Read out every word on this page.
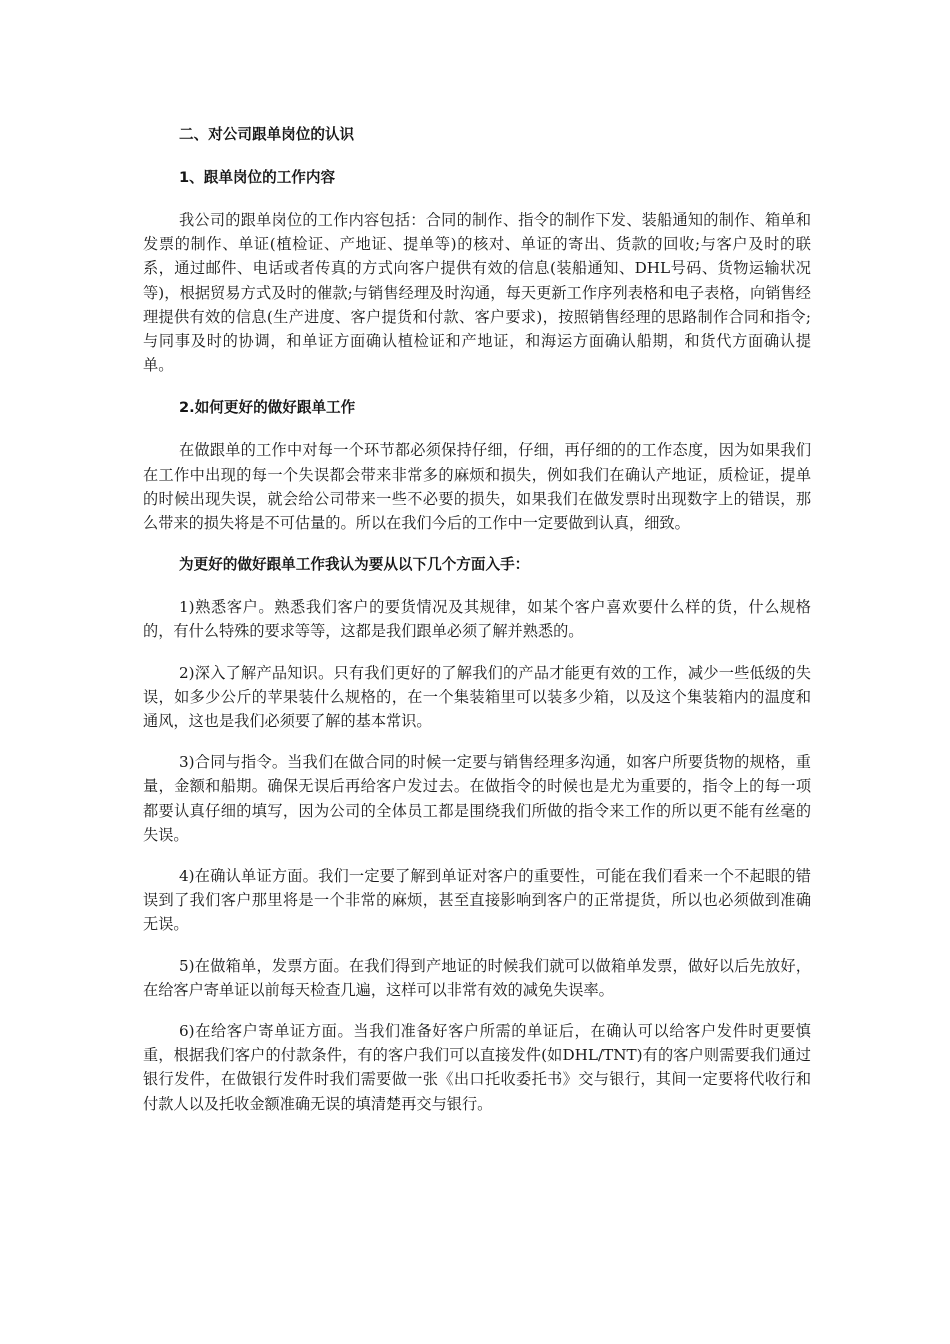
二、对公司跟单岗位的认识

1、跟单岗位的工作内容

我公司的跟单岗位的工作内容包括：合同的制作、指令的制作下发、装船通知的制作、箱单和发票的制作、单证(植检证、产地证、提单等)的核对、单证的寄出、货款的回收;与客户及时的联系，通过邮件、电话或者传真的方式向客户提供有效的信息(装船通知、DHL号码、货物运输状况等)，根据贸易方式及时的催款;与销售经理及时沟通，每天更新工作序列表格和电子表格，向销售经理提供有效的信息(生产进度、客户提货和付款、客户要求)，按照销售经理的思路制作合同和指令;与同事及时的协调，和单证方面确认植检证和产地证，和海运方面确认船期，和货代方面确认提单。

2.如何更好的做好跟单工作

在做跟单的工作中对每一个环节都必须保持仔细，仔细，再仔细的的工作态度，因为如果我们在工作中出现的每一个失误都会带来非常多的麻烦和损失，例如我们在确认产地证，质检证，提单的时候出现失误，就会给公司带来一些不必要的损失，如果我们在做发票时出现数字上的错误，那么带来的损失将是不可估量的。所以在我们今后的工作中一定要做到认真，细致。

为更好的做好跟单工作我认为要从以下几个方面入手：

1)熟悉客户。熟悉我们客户的要货情况及其规律，如某个客户喜欢要什么样的货，什么规格的，有什么特殊的要求等等，这都是我们跟单必须了解并熟悉的。

2)深入了解产品知识。只有我们更好的了解我们的产品才能更有效的工作，减少一些低级的失误，如多少公斤的苹果装什么规格的，在一个集装箱里可以装多少箱，以及这个集装箱内的温度和通风，这也是我们必须要了解的基本常识。

3)合同与指令。当我们在做合同的时候一定要与销售经理多沟通，如客户所要货物的规格，重量，金额和船期。确保无误后再给客户发过去。在做指令的时候也是尤为重要的，指令上的每一项都要认真仔细的填写，因为公司的全体员工都是围绕我们所做的指令来工作的所以更不能有丝毫的失误。

4)在确认单证方面。我们一定要了解到单证对客户的重要性，可能在我们看来一个不起眼的错误到了我们客户那里将是一个非常的麻烦，甚至直接影响到客户的正常提货，所以也必须做到准确无误。

5)在做箱单，发票方面。在我们得到产地证的时候我们就可以做箱单发票，做好以后先放好，在给客户寄单证以前每天检查几遍，这样可以非常有效的减免失误率。

6)在给客户寄单证方面。当我们准备好客户所需的单证后，在确认可以给客户发件时更要慎重，根据我们客户的付款条件，有的客户我们可以直接发件(如DHL/TNT)有的客户则需要我们通过银行发件，在做银行发件时我们需要做一张《出口托收委托书》交与银行，其间一定要将代收行和付款人以及托收金额准确无误的填清楚再交与银行。
